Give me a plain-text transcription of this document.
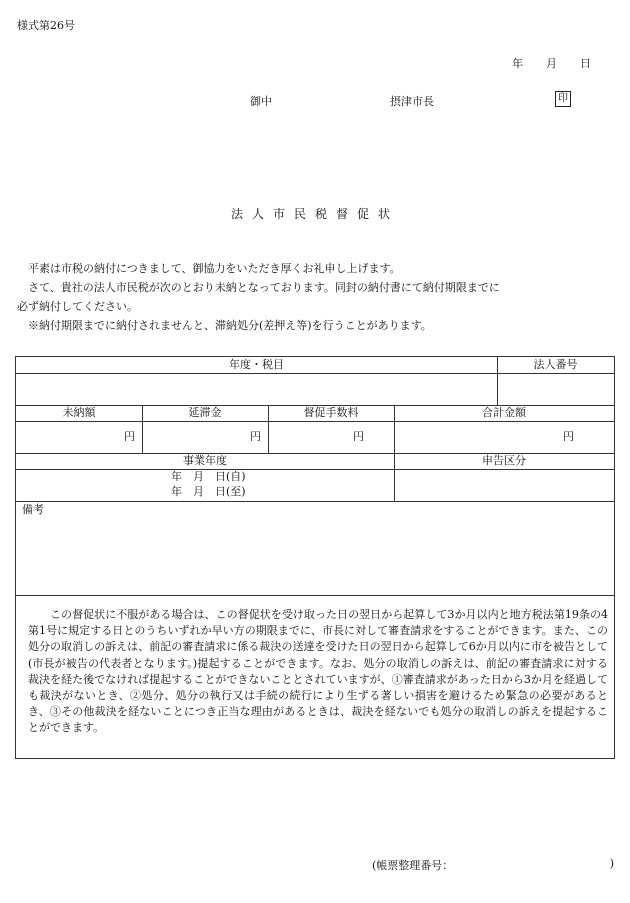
様式第26号
年 月 日
御中	摂津市長	印
法人市民税督促状

平素は市税の納付につきまして、御協力をいただき厚くお礼申し上げます。

さて、貴社の法人市民税が次のとおり未納となっております。同封の納付書にて納付期限までに

必ず納付してください。

※納付期限までに納付されませんと、滞納処分(差押え等)を行うことがあります。

年度・税目	法人番号
未納額	延滞金	督促手数料	合計金額
円	円	円	円
事業年度	申告区分
年　月　日(自)
年　月　日(至)
備考

この督促状に不服がある場合は、この督促状を受け取った日の翌日から起算して3か月以内と地方税法第19条の4第1号に規定する日とのうちいずれか早い方の期限までに、市長に対して審査請求をすることができます。また、この処分の取消しの訴えは、前記の審査請求に係る裁決の送達を受けた日の翌日から起算して6か月以内に市を被告として(市長が被告の代表者となります。)提起することができます。なお、処分の取消しの訴えは、前記の審査請求に対する裁決を経た後でなければ提起することができないこととされていますが、①審査請求があった日から3か月を経過しても裁決がないとき、②処分、処分の執行又は手続の続行により生ずる著しい損害を避けるため緊急の必要があるとき、③その他裁決を経ないことにつき正当な理由があるときは、裁決を経ないでも処分の取消しの訴えを提起することができます。

(帳票整理番号：	)
